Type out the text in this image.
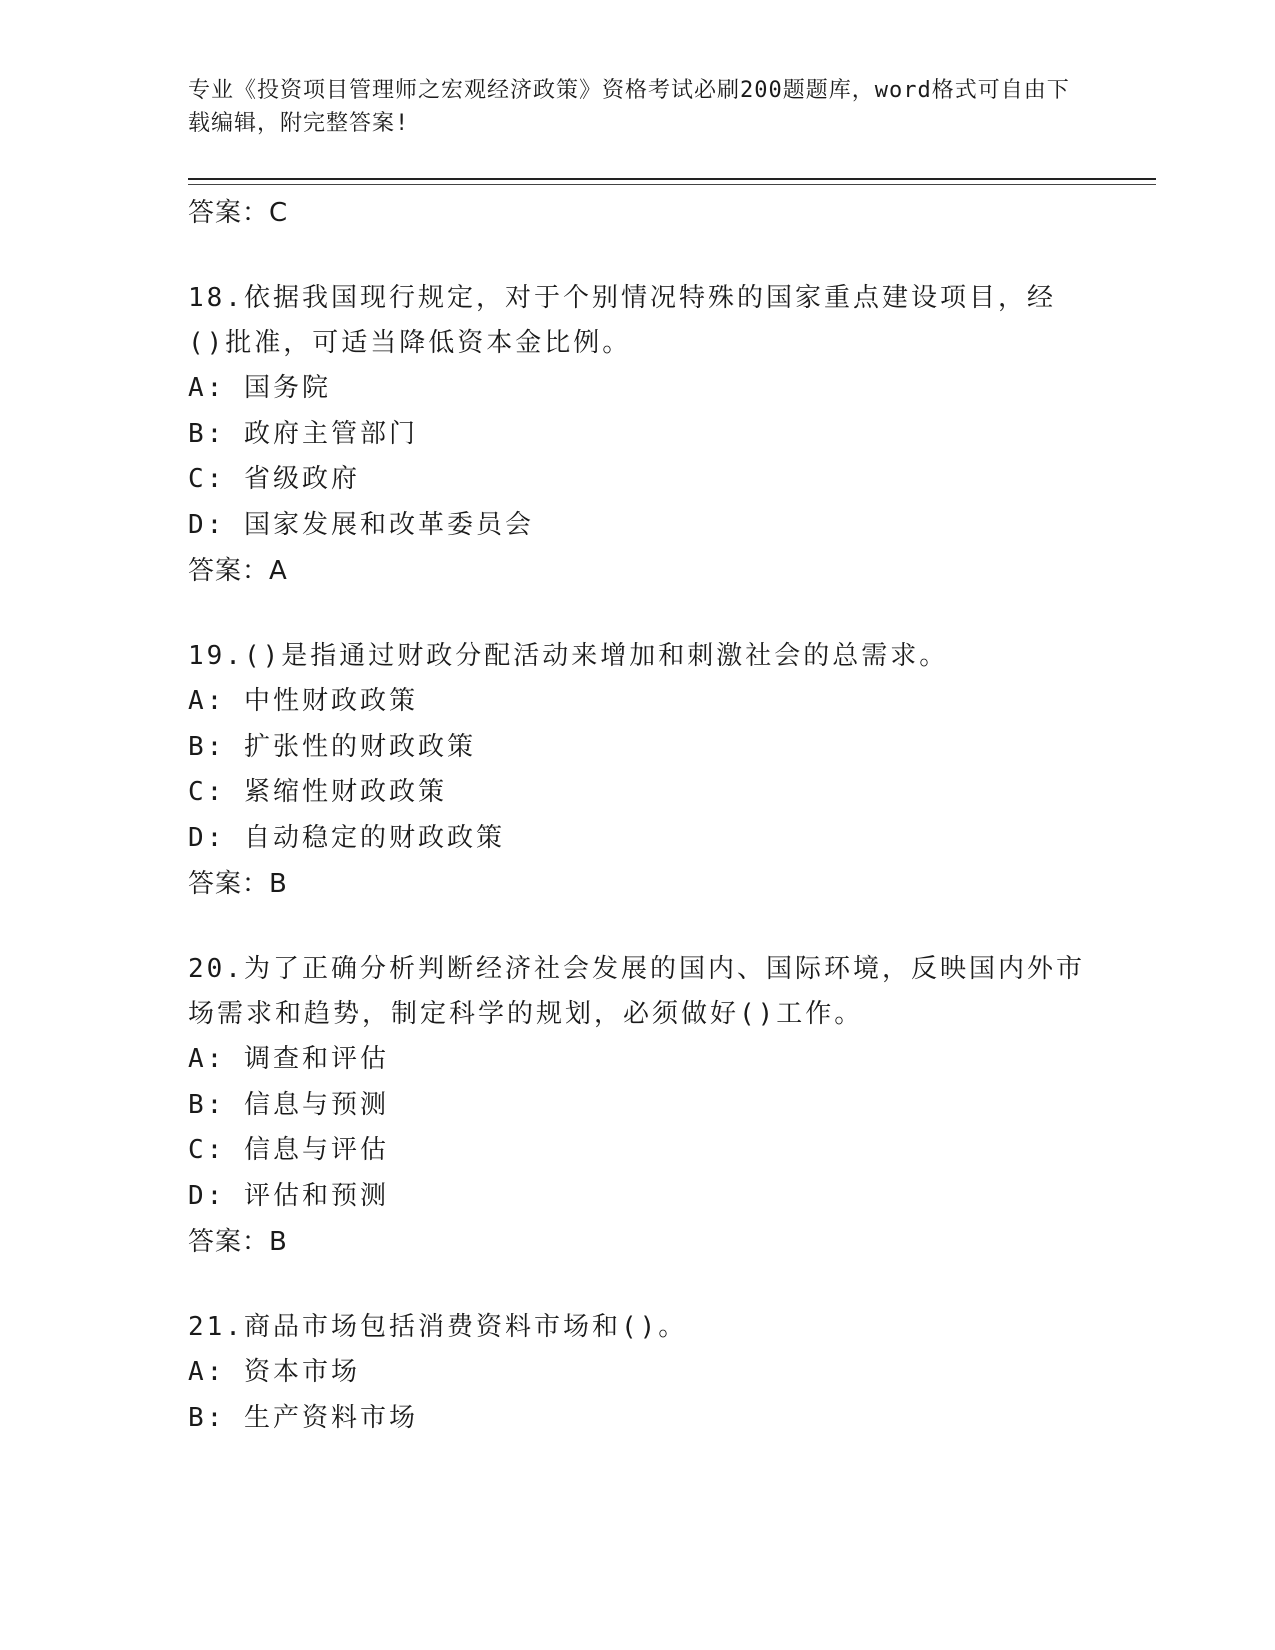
专业《投资项目管理师之宏观经济政策》资格考试必刷200题题库，word格式可自由下载编辑，附完整答案!
答案：C
18.依据我国现行规定，对于个别情况特殊的国家重点建设项目，经()批准，可适当降低资本金比例。
A: 国务院
B: 政府主管部门
C: 省级政府
D: 国家发展和改革委员会
答案：A
19.()是指通过财政分配活动来增加和刺激社会的总需求。
A: 中性财政政策
B: 扩张性的财政政策
C: 紧缩性财政政策
D: 自动稳定的财政政策
答案：B
20.为了正确分析判断经济社会发展的国内、国际环境，反映国内外市场需求和趋势，制定科学的规划，必须做好()工作。
A: 调查和评估
B: 信息与预测
C: 信息与评估
D: 评估和预测
答案：B
21.商品市场包括消费资料市场和()。
A: 资本市场
B: 生产资料市场
